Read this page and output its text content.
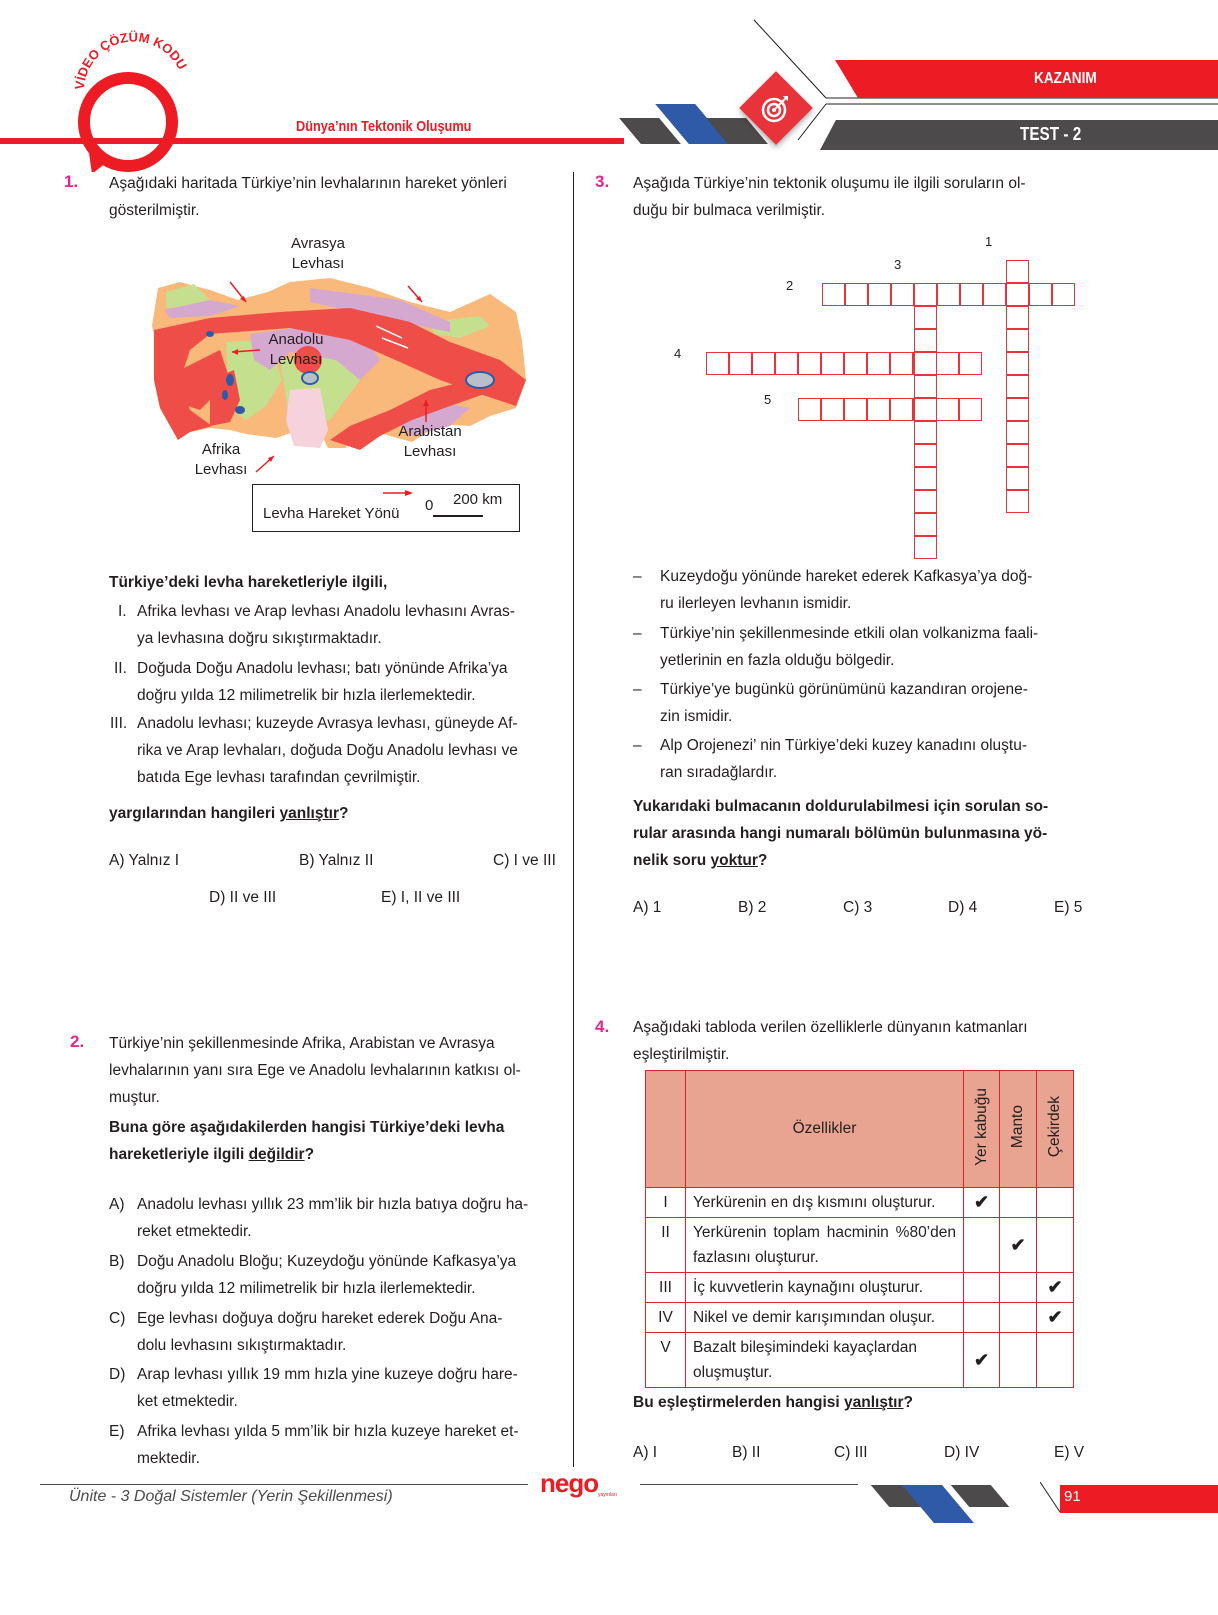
VİDEO ÇÖZÜM KODU
Dünya’nın Tektonik Oluşumu
KAZANIM
TEST - 2
1. Aşağıdaki haritada Türkiye’nin levhalarının hareket yönleri
gösterilmiştir.
Avrasya
Levhası
Anadolu
Levhası
Afrika
Levhası
Arabistan
Levhası
Levha Hareket Yönü 0 200 km
Türkiye’deki levha hareketleriyle ilgili,
I. Afrika levhası ve Arap levhası Anadolu levhasını Avras-
ya levhasına doğru sıkıştırmaktadır.
II. Doğuda Doğu Anadolu levhası; batı yönünde Afrika’ya
doğru yılda 12 milimetrelik bir hızla ilerlemektedir.
III. Anadolu levhası; kuzeyde Avrasya levhası, güneyde Af-
rika ve Arap levhaları, doğuda Doğu Anadolu levhası ve
batıda Ege levhası tarafından çevrilmiştir.
yargılarından hangileri yanlıştır?
A) Yalnız I	B) Yalnız II	C) I ve III
D) II ve III	E) I, II ve III
2. Türkiye’nin şekillenmesinde Afrika, Arabistan ve Avrasya
levhalarının yanı sıra Ege ve Anadolu levhalarının katkısı ol-
muştur.
Buna göre aşağıdakilerden hangisi Türkiye’deki levha
hareketleriyle ilgili değildir?
A) Anadolu levhası yıllık 23 mm’lik bir hızla batıya doğru ha-
reket etmektedir.
B) Doğu Anadolu Bloğu; Kuzeydoğu yönünde Kafkasya’ya
doğru yılda 12 milimetrelik bir hızla ilerlemektedir.
C) Ege levhası doğuya doğru hareket ederek Doğu Ana-
dolu levhasını sıkıştırmaktadır.
D) Arap levhası yıllık 19 mm hızla yine kuzeye doğru hare-
ket etmektedir.
E) Afrika levhası yılda 5 mm’lik bir hızla kuzeye hareket et-
mektedir.
3. Aşağıda Türkiye’nin tektonik oluşumu ile ilgili soruların ol-
duğu bir bulmaca verilmiştir.
1
2
3
4
5
– Kuzeydoğu yönünde hareket ederek Kafkasya’ya doğ-
ru ilerleyen levhanın ismidir.
– Türkiye’nin şekillenmesinde etkili olan volkanizma faali-
yetlerinin en fazla olduğu bölgedir.
– Türkiye’ye bugünkü görünümünü kazandıran orojene-
zin ismidir.
– Alp Orojenezi’ nin Türkiye’deki kuzey kanadını oluştu-
ran sıradağlardır.
Yukarıdaki bulmacanın doldurulabilmesi için sorulan so-
rular arasında hangi numaralı bölümün bulunmasına yö-
nelik soru yoktur?
A) 1	B) 2	C) 3	D) 4	E) 5
4. Aşağıdaki tabloda verilen özelliklerle dünyanın katmanları
eşleştirilmiştir.
	Özellikler	Yer kabuğu	Manto	Çekirdek
I	Yerkürenin en dış kısmını oluşturur.	✔		
II	Yerkürenin toplam hacminin %80’den fazlasını oluşturur.		✔	
III	İç kuvvetlerin kaynağını oluşturur.			✔
IV	Nikel ve demir karışımından oluşur.			✔
V	Bazalt bileşimindeki kayaçlardan oluşmuştur.	✔		
Bu eşleştirmelerden hangisi yanlıştır?
A) I	B) II	C) III	D) IV	E) V
Ünite - 3 Doğal Sistemler (Yerin Şekillenmesi)	nego yayınları	91
